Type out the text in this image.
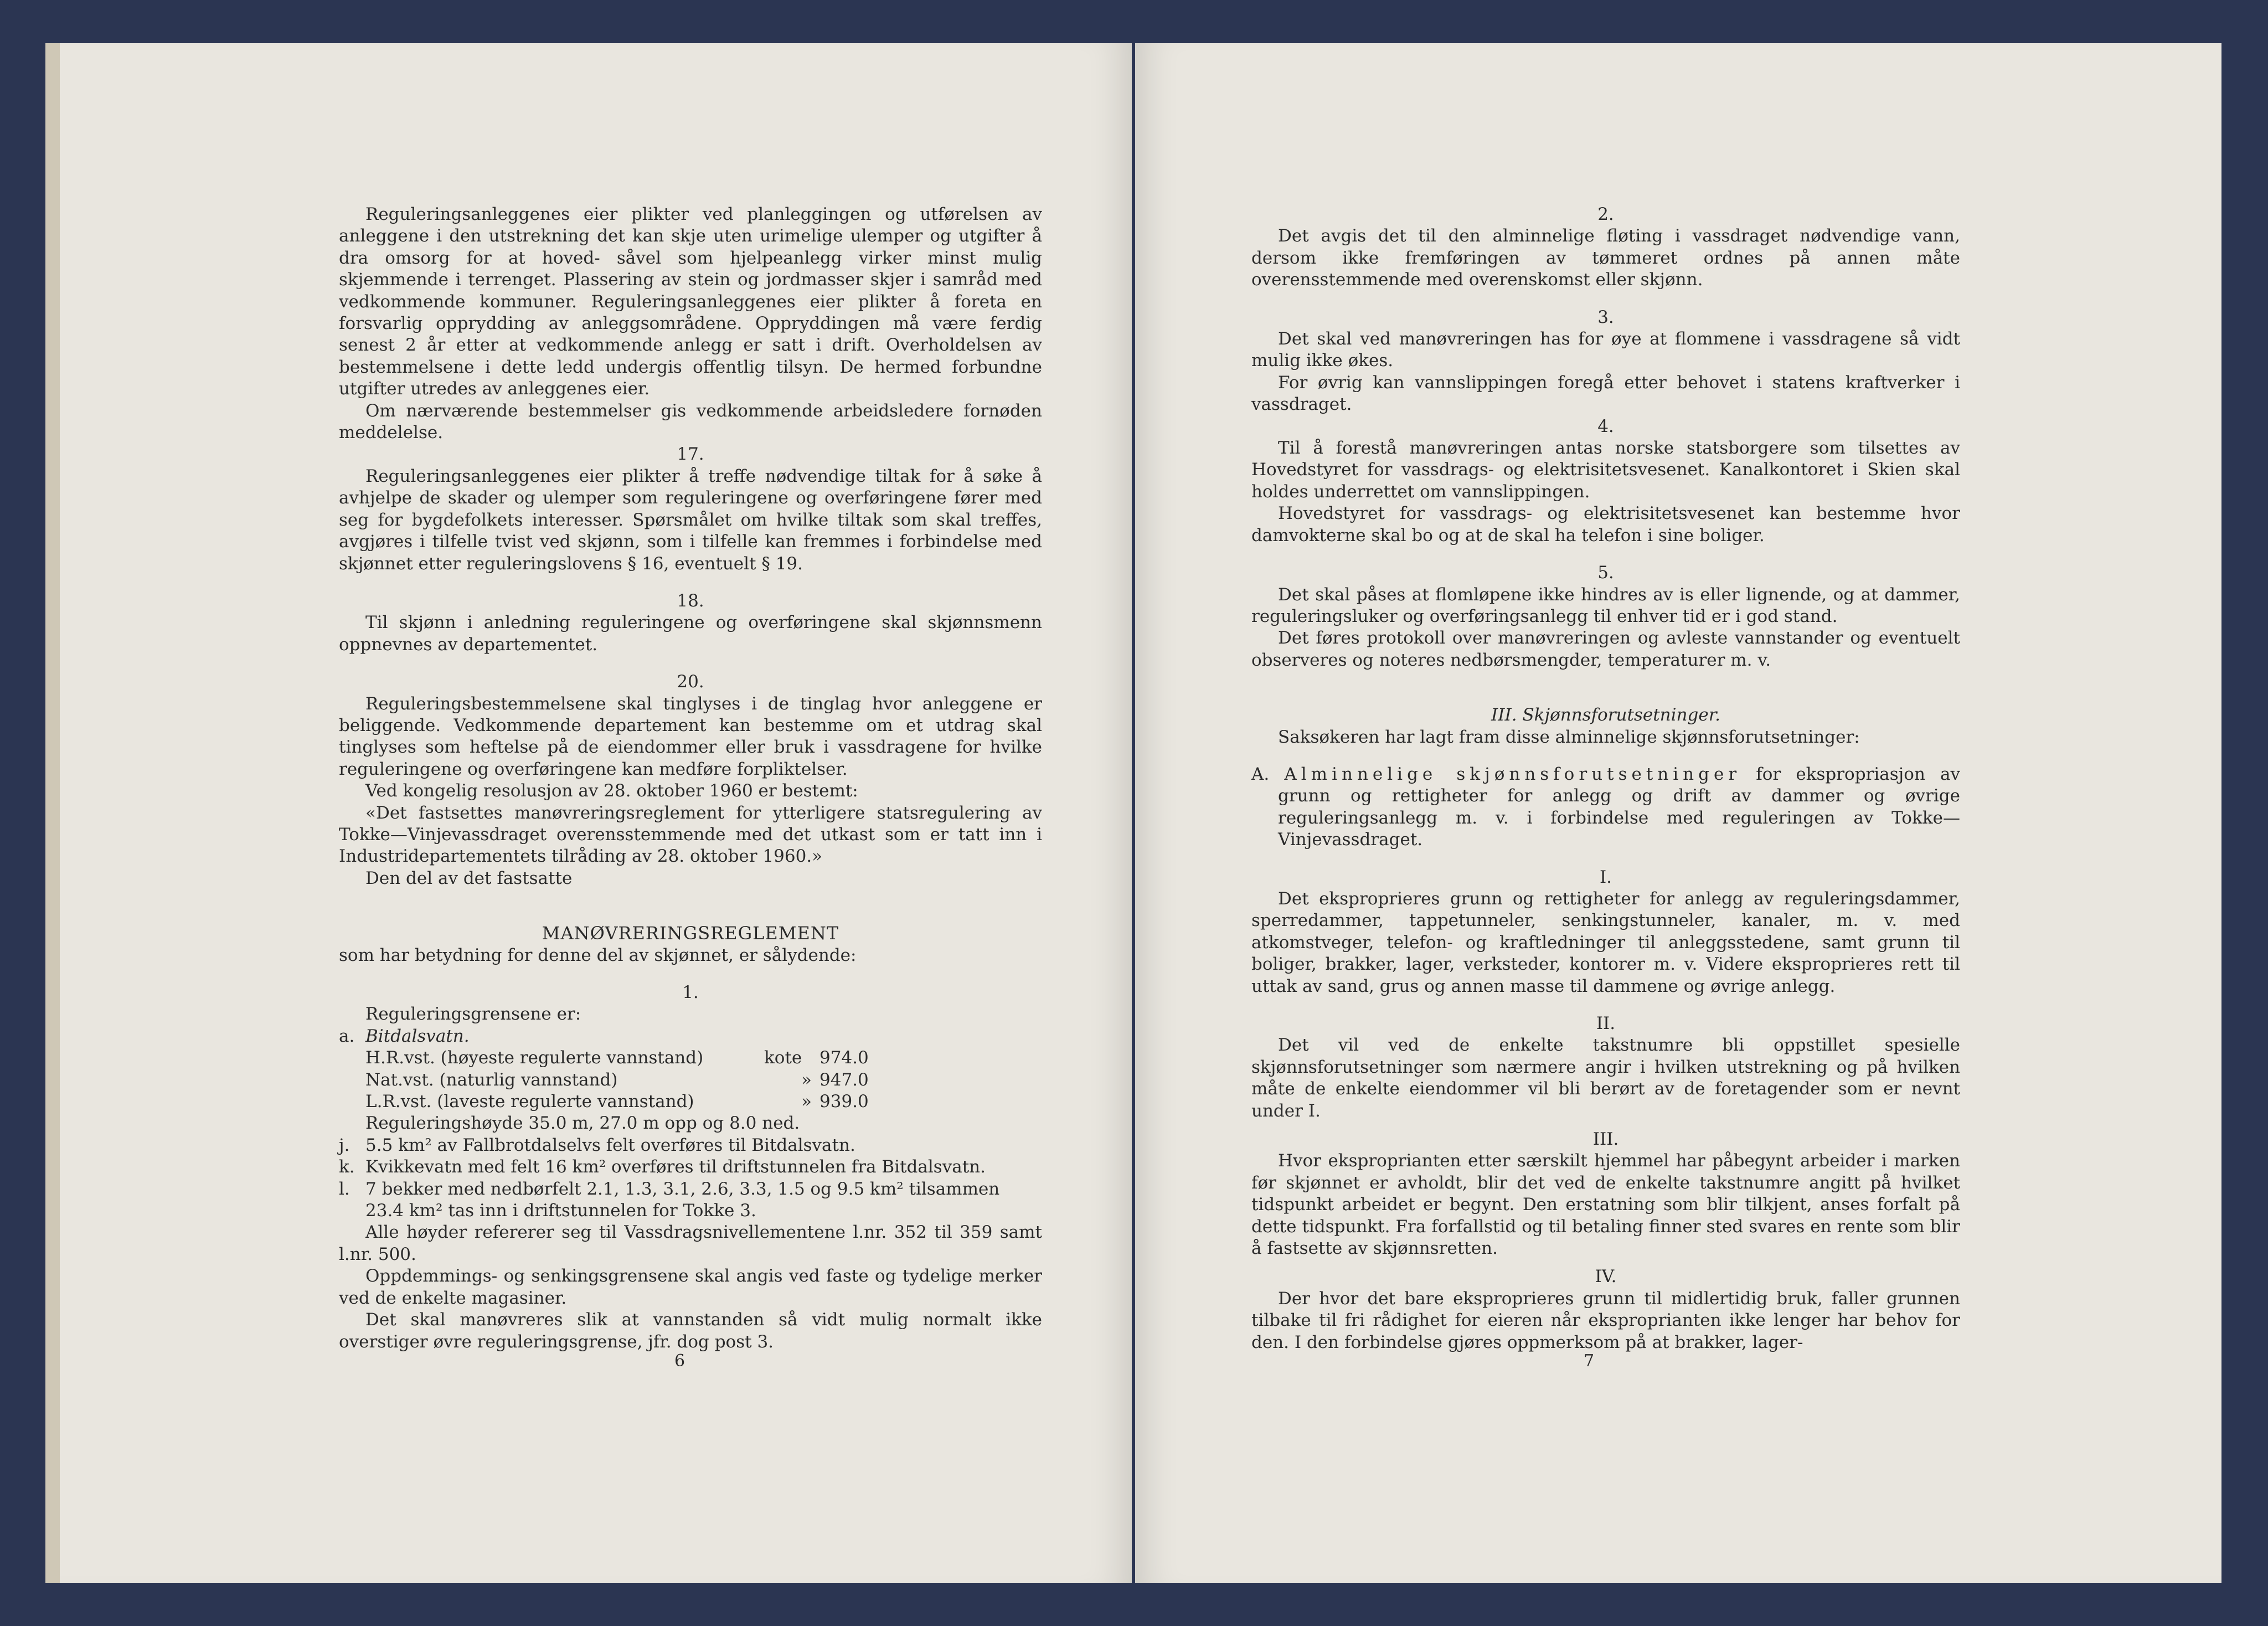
Reguleringsanleggenes eier plikter ved planleggingen og utførelsen av anleggene i den utstrekning det kan skje uten urimelige ulemper og utgifter å dra omsorg for at hoved- såvel som hjelpeanlegg virker minst mulig skjemmende i terrenget. Plassering av stein og jordmasser skjer i samråd med vedkommende kommuner. Reguleringsanleggenes eier plikter å foreta en forsvarlig opprydding av anleggsområdene. Oppryddingen må være ferdig senest 2 år etter at vedkommende anlegg er satt i drift. Overholdelsen av bestemmelsene i dette ledd undergis offentlig tilsyn. De hermed forbundne utgifter utredes av anleggenes eier.

Om nærværende bestemmelser gis vedkommende arbeidsledere fornøden meddelelse.

17.

Reguleringsanleggenes eier plikter å treffe nødvendige tiltak for å søke å avhjelpe de skader og ulemper som reguleringene og overføringene fører med seg for bygdefolkets interesser. Spørsmålet om hvilke tiltak som skal treffes, avgjøres i tilfelle tvist ved skjønn, som i tilfelle kan fremmes i forbindelse med skjønnet etter reguleringslovens § 16, eventuelt § 19.

18.

Til skjønn i anledning reguleringene og overføringene skal skjønnsmenn oppnevnes av departementet.

20.

Reguleringsbestemmelsene skal tinglyses i de tinglag hvor anleggene er beliggende. Vedkommende departement kan bestemme om et utdrag skal tinglyses som heftelse på de eiendommer eller bruk i vassdragene for hvilke reguleringene og overføringene kan medføre forpliktelser.

Ved kongelig resolusjon av 28. oktober 1960 er bestemt:

«Det fastsettes manøvreringsreglement for ytterligere statsregulering av Tokke—Vinjevassdraget overensstemmende med det utkast som er tatt inn i Industridepartementets tilråding av 28. oktober 1960.»

Den del av det fastsatte

MANØVRERINGSREGLEMENT

som har betydning for denne del av skjønnet, er sålydende:

1.

Reguleringsgrensene er:

a. Bitdalsvatn.
H.R.vst. (høyeste regulerte vannstand)	kote	974.0
Nat.vst. (naturlig vannstand)	» 947.0
L.R.vst. (laveste regulerte vannstand)	» 939.0

Reguleringshøyde 35.0 m, 27.0 m opp og 8.0 ned.

j. 5.5 km² av Fallbrotdalselvs felt overføres til Bitdalsvatn.
k. Kvikkevatn med felt 16 km² overføres til driftstunnelen fra Bitdalsvatn.
l. 7 bekker med nedbørfelt 2.1, 1.3, 3.1, 2.6, 3.3, 1.5 og 9.5 km² tilsammen 23.4 km² tas inn i driftstunnelen for Tokke 3.

Alle høyder refererer seg til Vassdragsnivellementene l.nr. 352 til 359 samt l.nr. 500.

Oppdemmings- og senkingsgrensene skal angis ved faste og tydelige merker ved de enkelte magasiner.

Det skal manøvreres slik at vannstanden så vidt mulig normalt ikke overstiger øvre reguleringsgrense, jfr. dog post 3.

6

2.

Det avgis det til den alminnelige fløting i vassdraget nødvendige vann, dersom ikke fremføringen av tømmeret ordnes på annen måte overensstemmende med overenskomst eller skjønn.

3.

Det skal ved manøvreringen has for øye at flommene i vassdragene så vidt mulig ikke økes.

For øvrig kan vannslippingen foregå etter behovet i statens kraftverker i vassdraget.

4.

Til å forestå manøvreringen antas norske statsborgere som tilsettes av Hovedstyret for vassdrags- og elektrisitetsvesenet. Kanalkontoret i Skien skal holdes underrettet om vannslippingen.

Hovedstyret for vassdrags- og elektrisitetsvesenet kan bestemme hvor damvokterne skal bo og at de skal ha telefon i sine boliger.

5.

Det skal påses at flomløpene ikke hindres av is eller lignende, og at dammer, reguleringsluker og overføringsanlegg til enhver tid er i god stand.

Det føres protokoll over manøvreringen og avleste vannstander og eventuelt observeres og noteres nedbørsmengder, temperaturer m. v.

III. Skjønnsforutsetninger.

Saksøkeren har lagt fram disse alminnelige skjønnsforutsetninger:

A. Alminnelige skjønnsforutsetninger for ekspropriasjon av grunn og rettigheter for anlegg og drift av dammer og øvrige reguleringsanlegg m. v. i forbindelse med reguleringen av Tokke—Vinjevassdraget.

I.

Det eksproprieres grunn og rettigheter for anlegg av reguleringsdammer, sperredammer, tappetunneler, senkingstunneler, kanaler, m. v. med atkomstveger, telefon- og kraftledninger til anleggsstedene, samt grunn til boliger, brakker, lager, verksteder, kontorer m. v. Videre eksproprieres rett til uttak av sand, grus og annen masse til dammene og øvrige anlegg.

II.

Det vil ved de enkelte takstnumre bli oppstillet spesielle skjønnsforutsetninger som nærmere angir i hvilken utstrekning og på hvilken måte de enkelte eiendommer vil bli berørt av de foretagender som er nevnt under I.

III.

Hvor eksproprianten etter særskilt hjemmel har påbegynt arbeider i marken før skjønnet er avholdt, blir det ved de enkelte takstnumre angitt på hvilket tidspunkt arbeidet er begynt. Den erstatning som blir tilkjent, anses forfalt på dette tidspunkt. Fra forfallstid og til betaling finner sted svares en rente som blir å fastsette av skjønnsretten.

IV.

Der hvor det bare eksproprieres grunn til midlertidig bruk, faller grunnen tilbake til fri rådighet for eieren når eksproprianten ikke lenger har behov for den. I den forbindelse gjøres oppmerksom på at brakker, lager-

7
